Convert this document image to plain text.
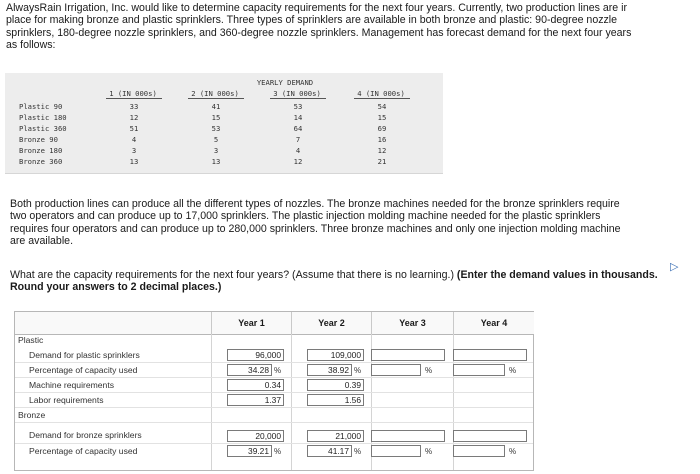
AlwaysRain Irrigation, Inc. would like to determine capacity requirements for the next four years. Currently, two production lines are ir
place for making bronze and plastic sprinklers. Three types of sprinklers are available in both bronze and plastic: 90-degree nozzle
sprinklers, 180-degree nozzle sprinklers, and 360-degree nozzle sprinklers. Management has forecast demand for the next four years
as follows:
YEARLY DEMAND
1 (IN 000s)	2 (IN 000s)	3 (IN 000s)	4 (IN 000s)
Plastic 90	33	41	53	54
Plastic 180	12	15	14	15
Plastic 360	51	53	64	69
Bronze 90	4	5	7	16
Bronze 180	3	3	4	12
Bronze 360	13	13	12	21
Both production lines can produce all the different types of nozzles. The bronze machines needed for the bronze sprinklers require
two operators and can produce up to 17,000 sprinklers. The plastic injection molding machine needed for the plastic sprinklers
requires four operators and can produce up to 280,000 sprinklers. Three bronze machines and only one injection molding machine
are available.
What are the capacity requirements for the next four years? (Assume that there is no learning.) (Enter the demand values in thousands. Round your answers to 2 decimal places.)
▷
Year 1	Year 2	Year 3	Year 4
Plastic
Demand for plastic sprinklers	96,000	109,000
Percentage of capacity used	34.28 %	38.92 %	%	%
Machine requirements	0.34	0.39
Labor requirements	1.37	1.56
Bronze
Demand for bronze sprinklers	20,000	21,000
Percentage of capacity used	39.21 %	41.17 %	%	%
